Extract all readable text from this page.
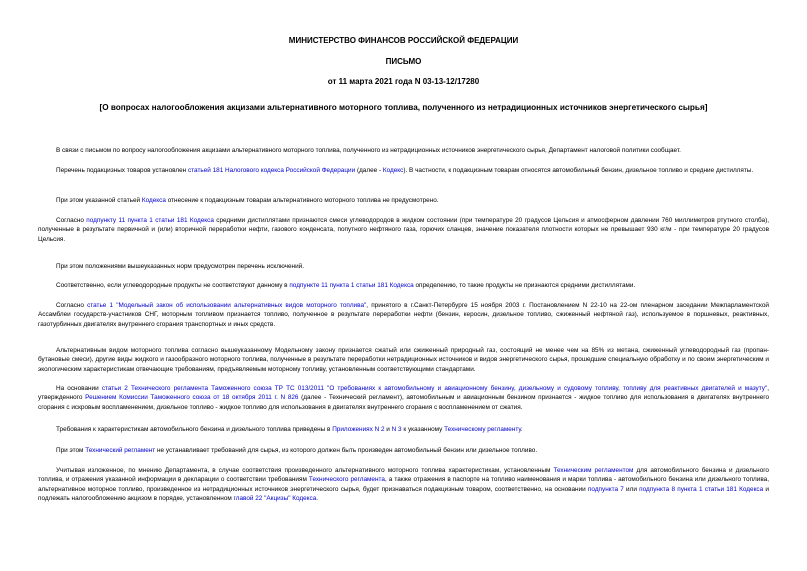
МИНИСТЕРСТВО ФИНАНСОВ РОССИЙСКОЙ ФЕДЕРАЦИИ
ПИСЬМО
от 11 марта 2021 года N 03-13-12/17280
[О вопросах налогообложения акцизами альтернативного моторного топлива, полученного из нетрадиционных источников энергетического сырья]
В связи с письмом по вопросу налогообложения акцизами альтернативного моторного топлива, полученного из нетрадиционных источников энергетического сырья, Департамент налоговой политики сообщает.
Перечень подакцизных товаров установлен статьей 181 Налогового кодекса Российской Федерации (далее - Кодекс). В частности, к подакцизным товарам относятся автомобильный бензин, дизельное топливо и средние дистилляты.
При этом указанной статьей Кодекса отнесение к подакцизным товарам альтернативного моторного топлива не предусмотрено.
Согласно подпункту 11 пункта 1 статьи 181 Кодекса средними дистиллятами признаются смеси углеводородов в жидком состоянии (при температуре 20 градусов Цельсия и атмосферном давлении 760 миллиметров ртутного столба), полученные в результате первичной и (или) вторичной переработки нефти, газового конденсата, попутного нефтяного газа, горючих сланцев, значение показателя плотности которых не превышает 930 кг/м - при температуре 20 градусов Цельсия.
При этом положениями вышеуказанных норм предусмотрен перечень исключений.
Соответственно, если углеводородные продукты не соответствуют данному в подпункте 11 пункта 1 статьи 181 Кодекса определению, то такие продукты не признаются средними дистиллятами.
Согласно статье 1 "Модельный закон об использовании альтернативных видов моторного топлива", принятого в г.Санкт-Петербурге 15 ноября 2003 г. Постановлением N 22-10 на 22-ом пленарном заседании Межпарламентской Ассамблеи государств-участников СНГ, моторным топливом признается топливо, полученное в результате переработки нефти (бензин, керосин, дизельное топливо, сжиженный нефтяной газ), используемое в поршневых, реактивных, газотурбинных двигателях внутреннего сгорания транспортных и иных средств.
Альтернативным видом моторного топлива согласно вышеуказанному Модельному закону признается сжатый или сжиженный природный газ, состоящий не менее чем на 85% из метана, сжиженный углеводородный газ (пропан-бутановые смеси), другие виды жидкого и газообразного моторного топлива, полученные в результате переработки нетрадиционных источников и видов энергетического сырья, прошедшие специальную обработку и по своим энергетическим и экологическим характеристикам отвечающие требованиям, предъявляемым моторному топливу, установленным соответствующими стандартами.
На основании статьи 2 Технического регламента Таможенного союза ТР ТС 013/2011 "О требованиях к автомобильному и авиационному бензину, дизельному и судовому топливу, топливу для реактивных двигателей и мазуту", утвержденного Решением Комиссии Таможенного союза от 18 октября 2011 г. N 826 (далее - Технический регламент), автомобильным и авиационным бензином признается - жидкое топливо для использования в двигателях внутреннего сгорания с искровым воспламенением, дизельное топливо - жидкое топливо для использования в двигателях внутреннего сгорания с воспламенением от сжатия.
Требования к характеристикам автомобильного бензина и дизельного топлива приведены в Приложениях N 2 и N 3 к указанному Техническому регламенту.
При этом Технический регламент не устанавливает требований для сырья, из которого должен быть произведен автомобильный бензин или дизельное топливо.
Учитывая изложенное, по мнению Департамента, в случае соответствия произведенного альтернативного моторного топлива характеристикам, установленным Техническим регламентом для автомобильного бензина и дизельного топлива, и отражения указанной информации в декларации о соответствии требованиям Технического регламента, а также отражения в паспорте на топливо наименования и марки топлива - автомобильного бензина или дизельного топлива, альтернативное моторное топливо, произведенное из нетрадиционных источников энергетического сырья, будет признаваться подакцизным товаром, соответственно, на основании подпункта 7 или подпункта 8 пункта 1 статьи 181 Кодекса и подлежать налогообложению акцизом в порядке, установленном главой 22 "Акцизы" Кодекса.
